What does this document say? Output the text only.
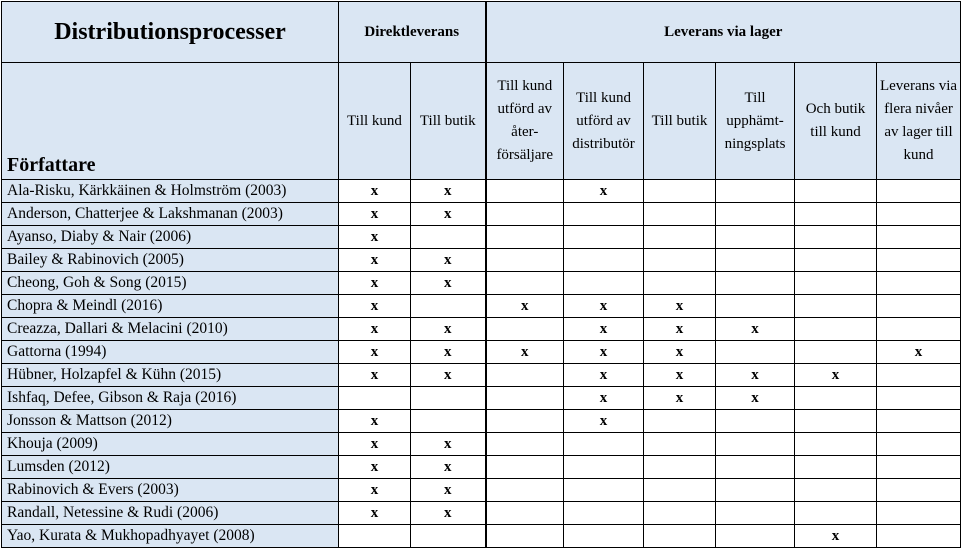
Distributionsprocesser	Direktleverans		Leverans via lager					
Författare	Till kund	Till butik	Till kund utförd av åter-
försäljare	Till kund utförd av distributör	Till butik	Till upphämt-
ningsplats	Och butik till kund	Leverans via flera nivåer av lager till kund
Ala-Risku, Kärkkäinen & Holmström (2003)	x	x		x				
Anderson, Chatterjee & Lakshmanan (2003)	x	x						
Ayanso, Diaby & Nair (2006)	x							
Bailey & Rabinovich (2005)	x	x						
Cheong, Goh & Song (2015)	x	x						
Chopra & Meindl (2016)	x		x	x	x			
Creazza, Dallari & Melacini (2010)	x	x		x	x	x		
Gattorna (1994)	x	x	x	x	x			x
Hübner, Holzapfel & Kühn (2015)	x	x		x	x	x	x	
Ishfaq, Defee, Gibson & Raja (2016)				x	x	x		
Jonsson & Mattson (2012)	x			x				
Khouja (2009)	x	x						
Lumsden (2012)	x	x						
Rabinovich & Evers (2003)	x	x						
Randall, Netessine & Rudi (2006)	x	x						
Yao, Kurata & Mukhopadhyayet (2008)							x	
